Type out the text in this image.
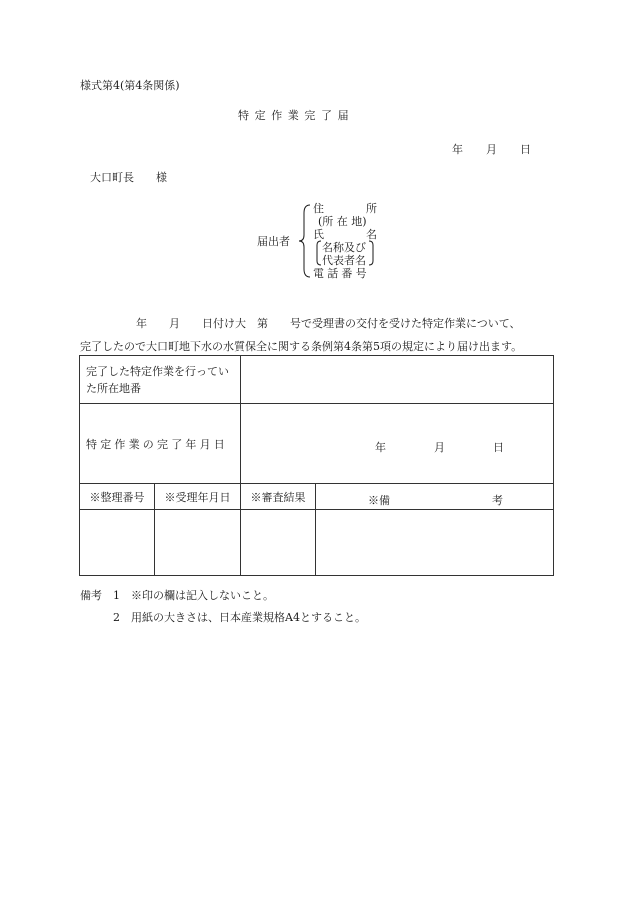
様式第4(第4条関係)
特定作業完了届
年 月 日
大口町長 様
届出者
住	所
(所 在 地)
氏	名
名称及び
代表者名
電話番号
年 月 日付け大 第 号で受理書の交付を受けた特定作業について、
完了したので大口町地下水の水質保全に関する条例第4条第5項の規定により届け出ます。
完了した特定作業を行っていた所在地番			

特定作業の完了年月日		年 月 日	

※整理番号	※受理年月日	※審査結果	※備 考

備考 1 ※印の欄は記入しないこと。
2 用紙の大きさは、日本産業規格A4とすること。
